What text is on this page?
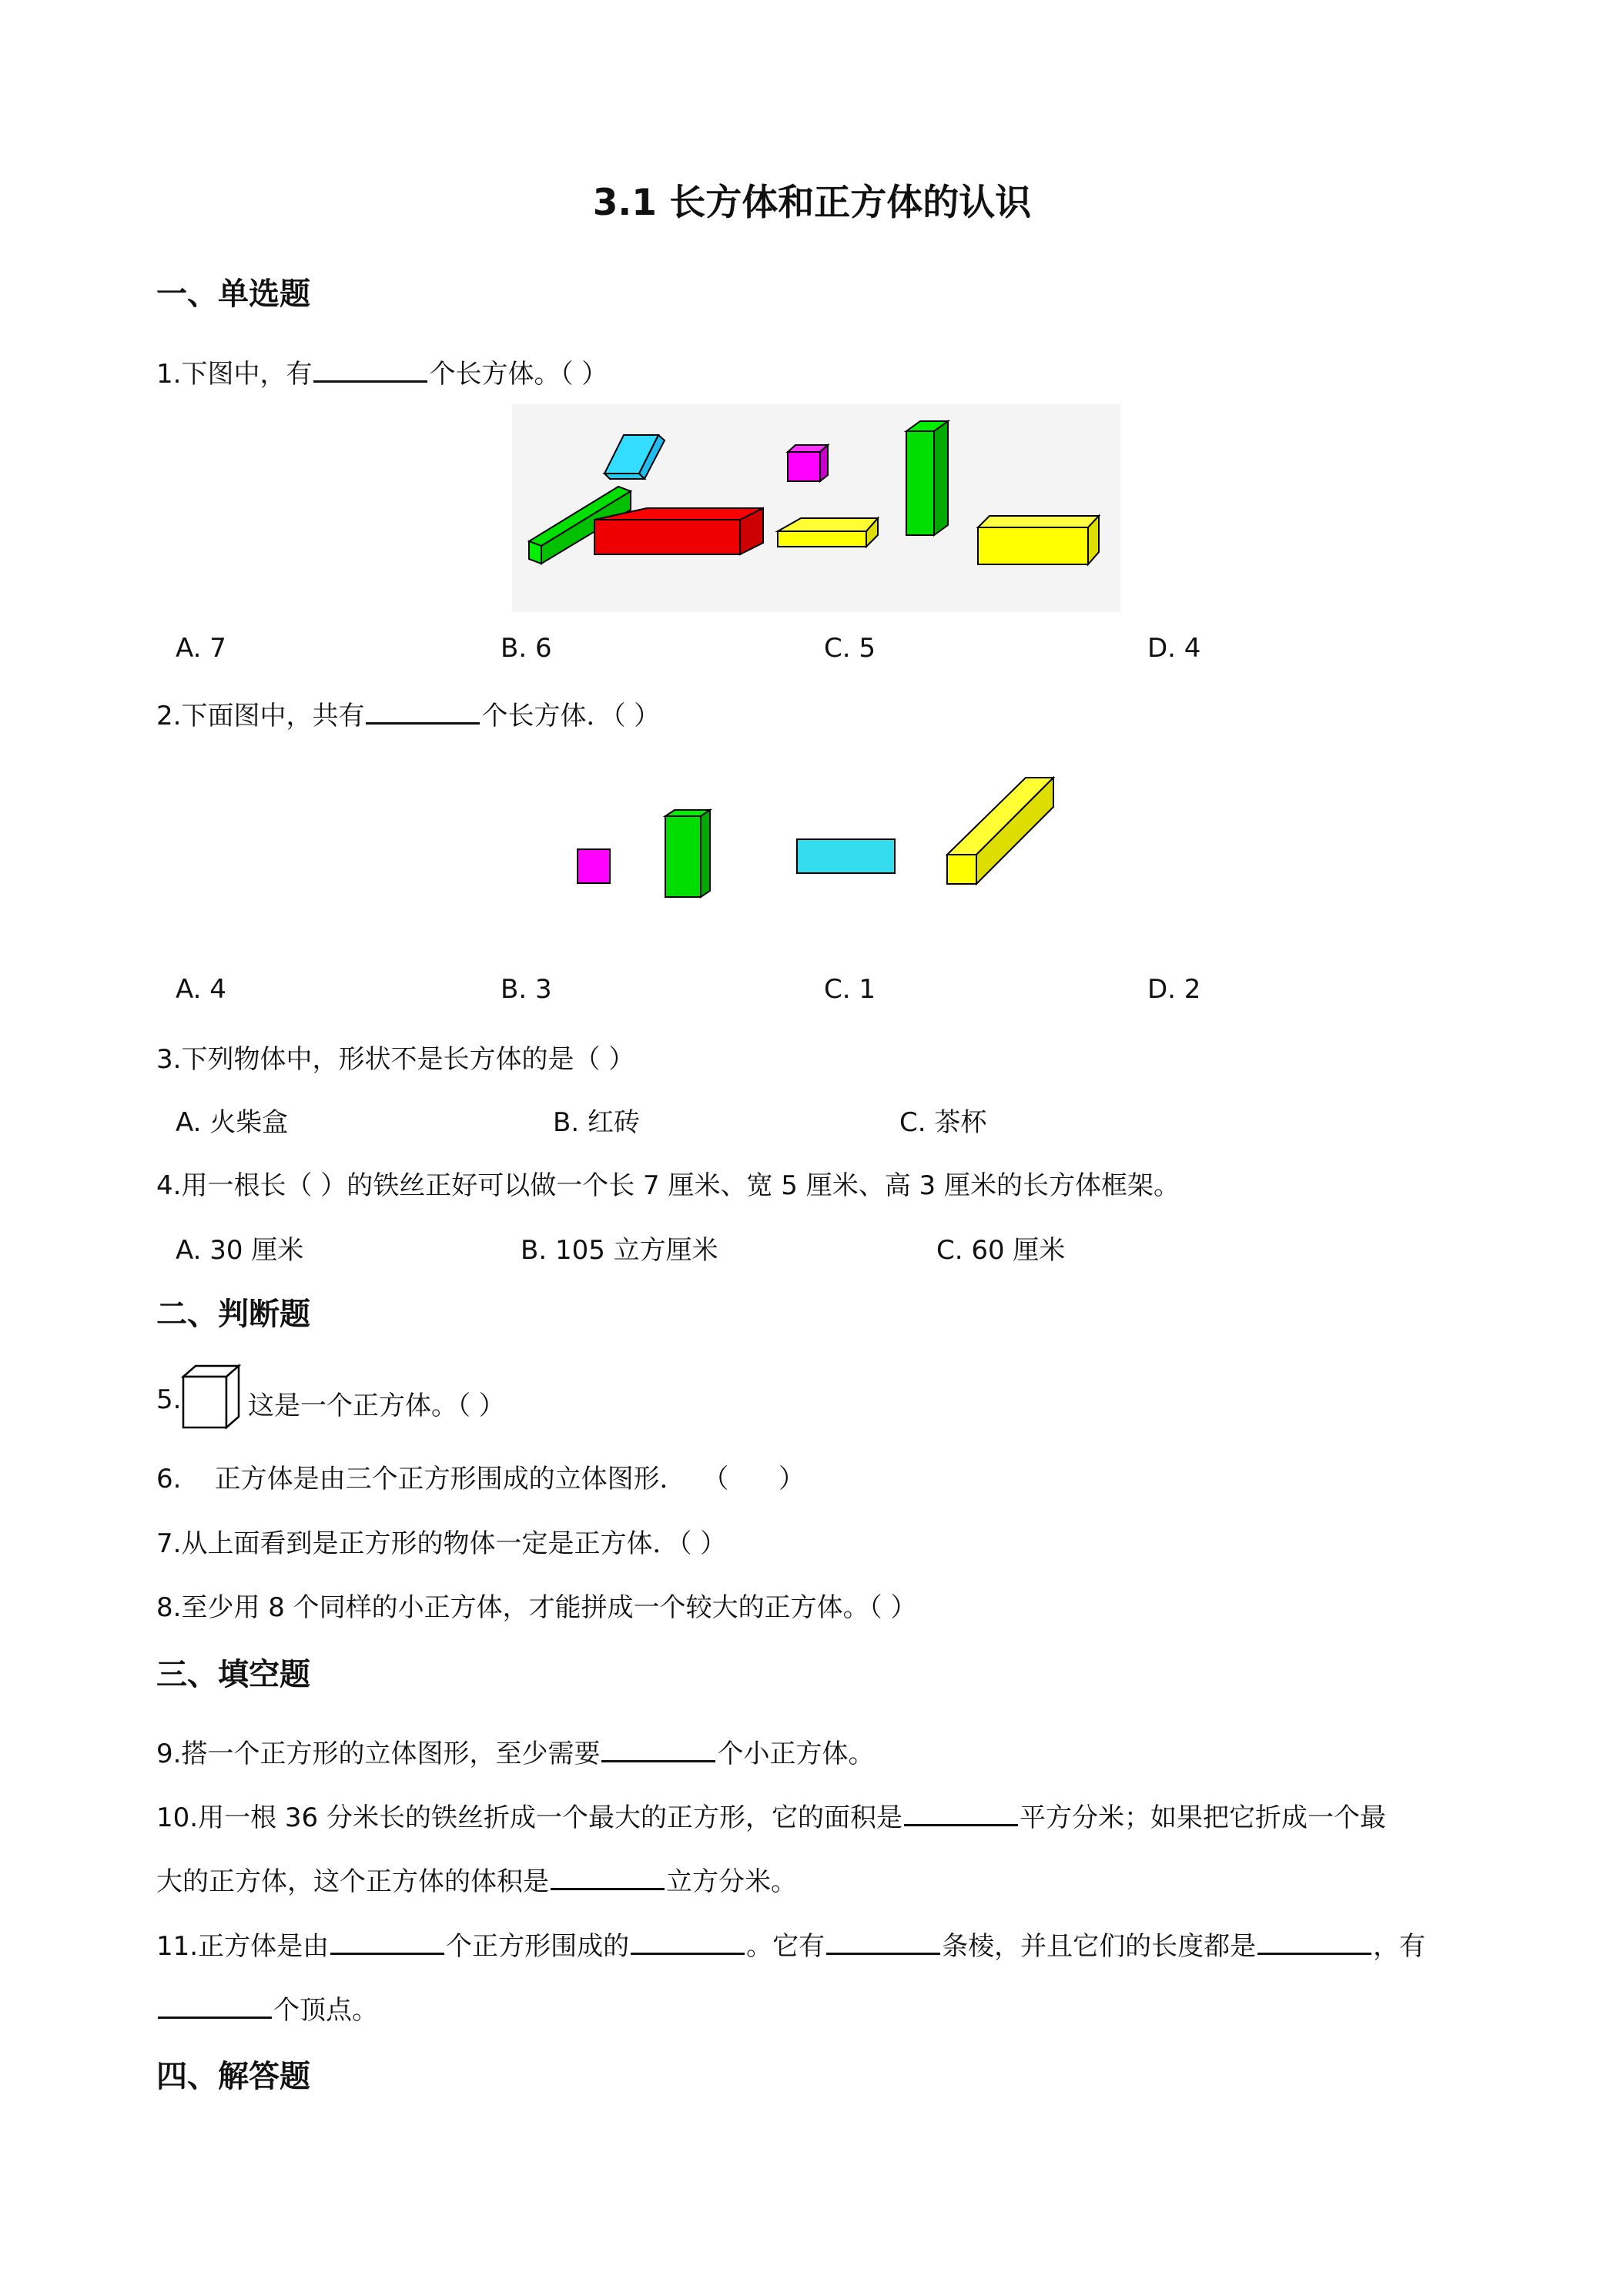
3.1 长方体和正方体的认识
一、单选题
1.下图中，有	个长方体。（ ）
A. 7	B. 6	C. 5	D. 4
2.下面图中，共有	个长方体．（ ）
A. 4	B. 3	C. 1	D. 2
3.下列物体中，形状不是长方体的是（ ）
A. 火柴盒	B. 红砖	C. 茶杯
4.用一根长（ ）的铁丝正好可以做一个长 7 厘米、宽 5 厘米、高 3 厘米的长方体框架。
A. 30 厘米	B. 105 立方厘米	C. 60 厘米
二、判断题
5.	这是一个正方体。（ ）
6.    正方体是由三个正方形围成的立体图形．  （      ）
7.从上面看到是正方形的物体一定是正方体．（ ）
8.至少用 8 个同样的小正方体，才能拼成一个较大的正方体。（ ）
三、填空题
9.搭一个正方形的立体图形，至少需要	个小正方体。
10.用一根 36 分米长的铁丝折成一个最大的正方形，它的面积是	平方分米；如果把它折成一个最
大的正方体，这个正方体的体积是	立方分米。
11.正方体是由	个正方形围成的	。它有	条棱，并且它们的长度都是	，有
个顶点。
四、解答题
